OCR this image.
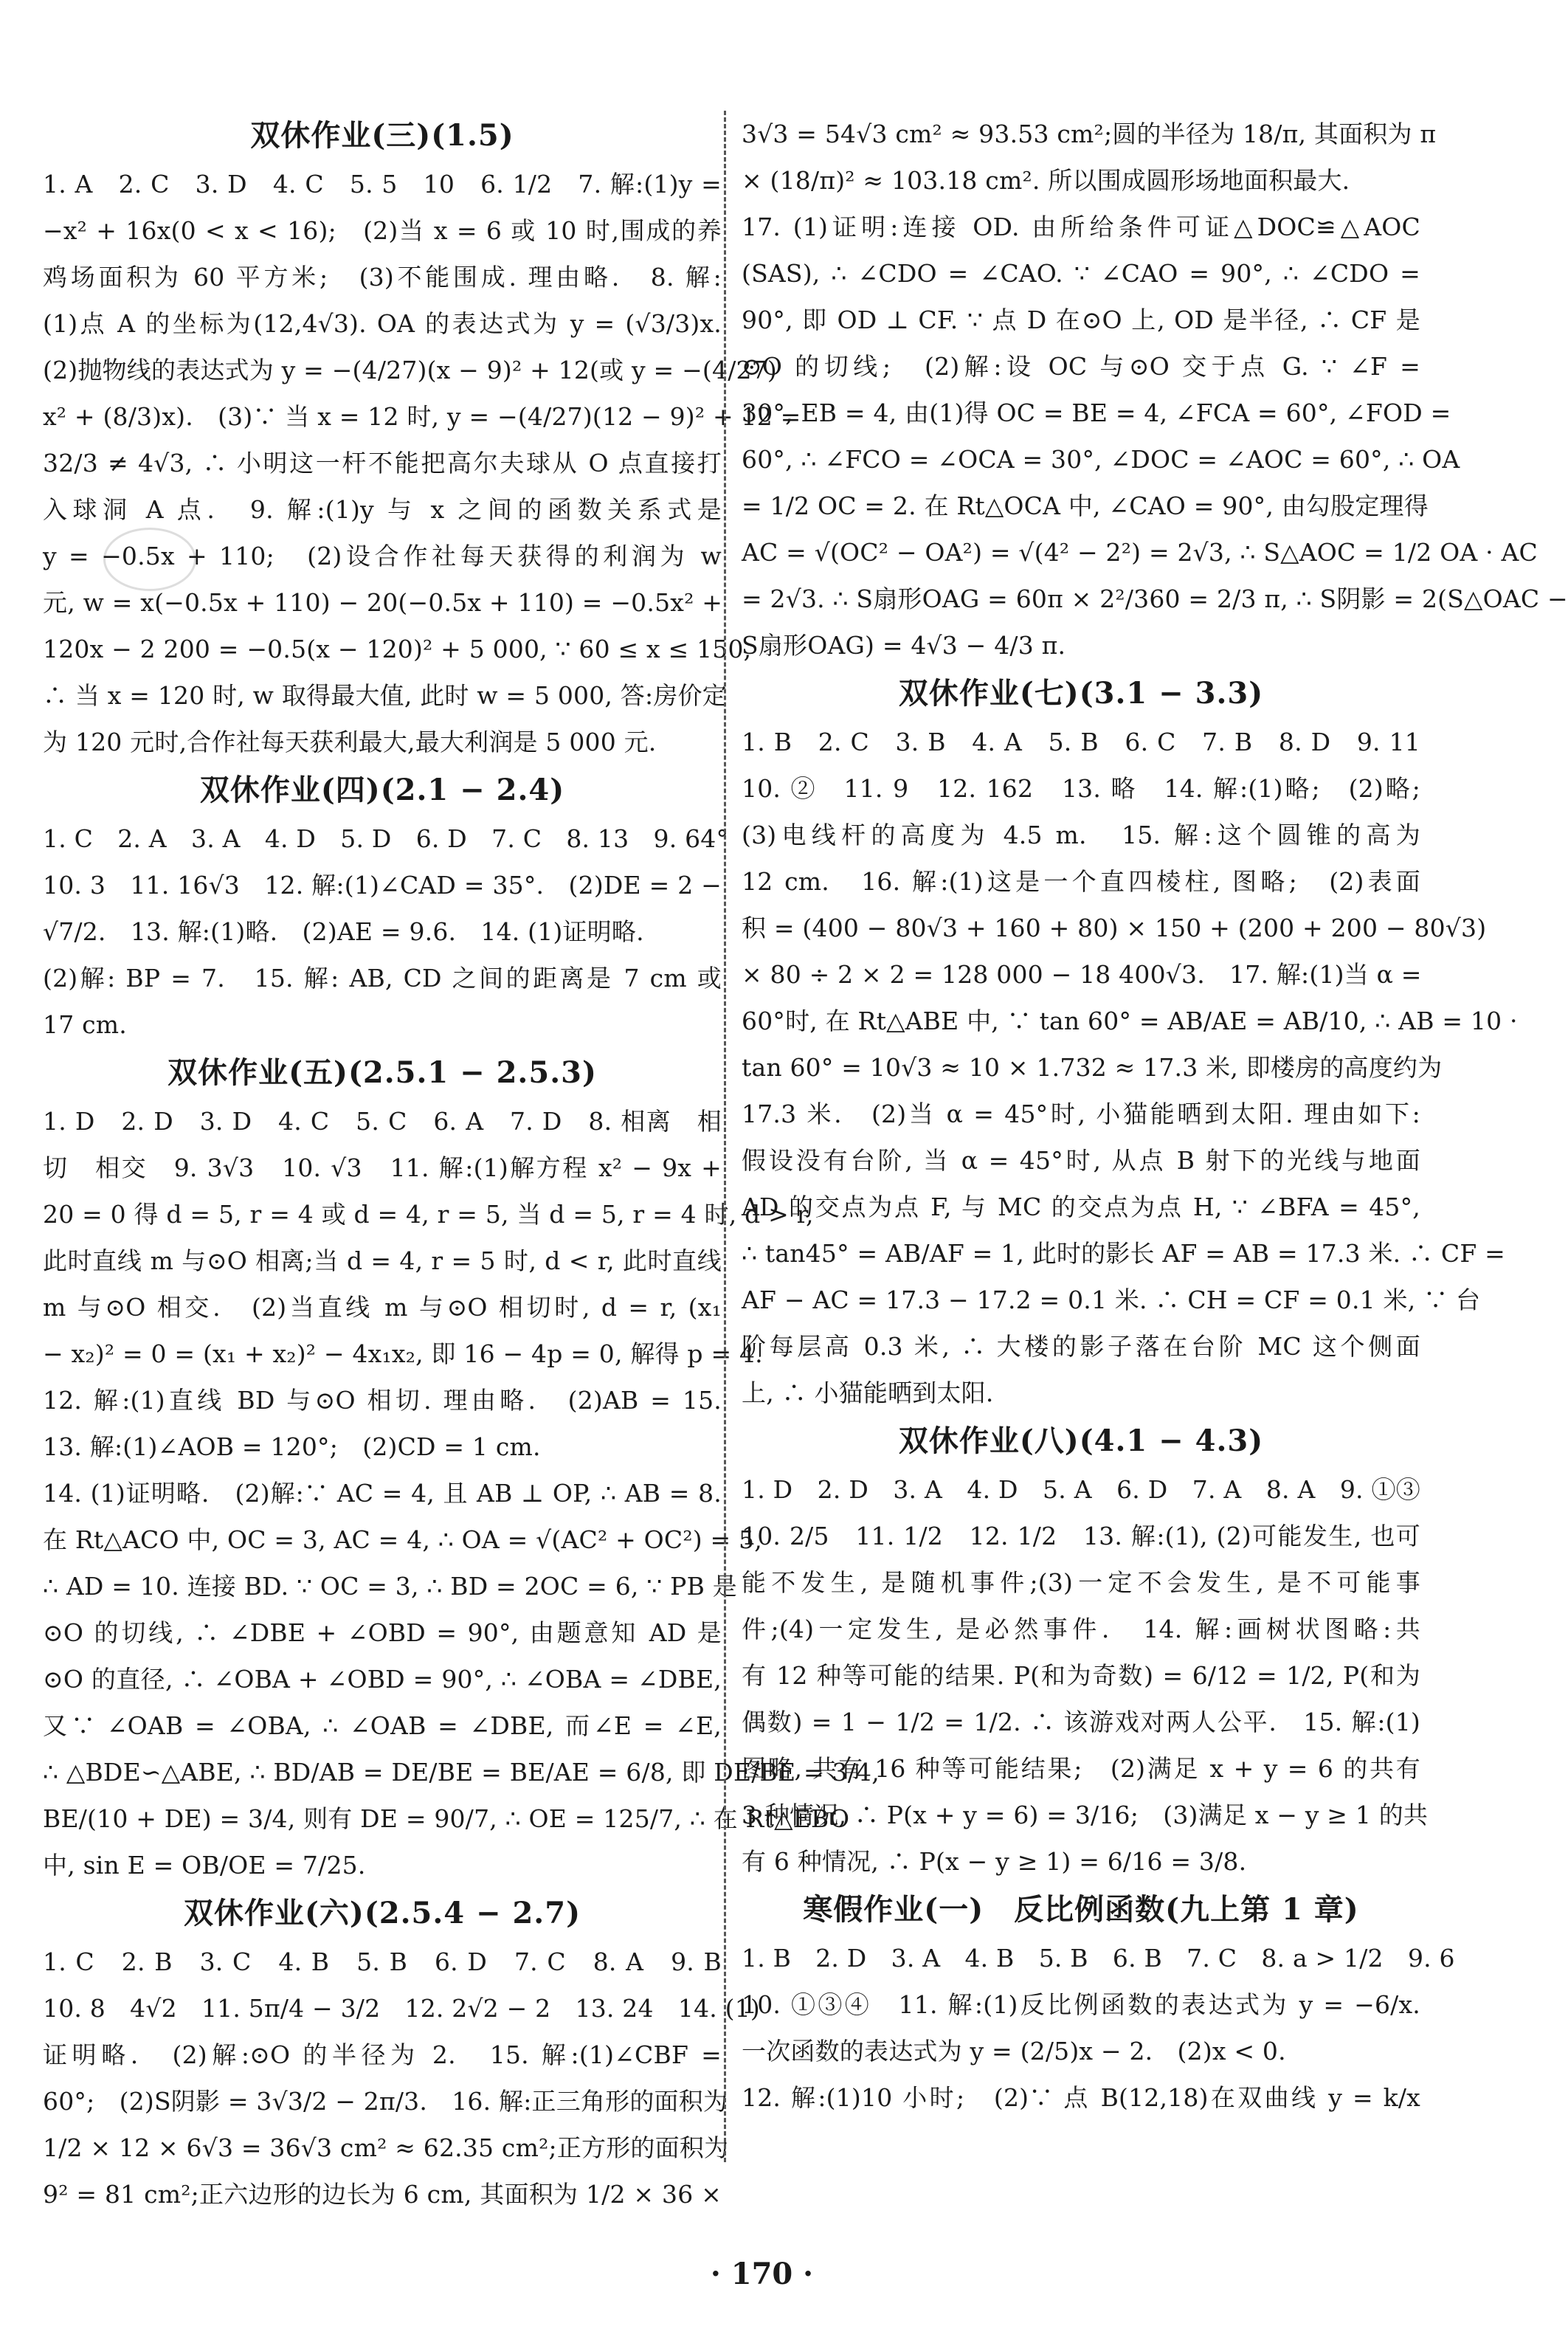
双休作业(三)(1.5)
1. A　2. C　3. D　4. C　5. 5　10　6. 1/2　7. 解:(1)y =
−x² + 16x(0 < x < 16);　(2)当 x = 6 或 10 时,围成的养
鸡场面积为 60 平方米;　(3)不能围成. 理由略.　8. 解:
(1)点 A 的坐标为(12,4√3). OA 的表达式为 y = (√3/3)x.
(2)抛物线的表达式为 y = −(4/27)(x − 9)² + 12(或 y = −(4/27)
x² + (8/3)x).　(3)∵ 当 x = 12 时, y = −(4/27)(12 − 9)² + 12 =
32/3 ≠ 4√3, ∴ 小明这一杆不能把高尔夫球从 O 点直接打
入球洞 A 点.　9. 解:(1)y 与 x 之间的函数关系式是
y = −0.5x + 110;　(2)设合作社每天获得的利润为 w
元, w = x(−0.5x + 110) − 20(−0.5x + 110) = −0.5x² +
120x − 2 200 = −0.5(x − 120)² + 5 000, ∵ 60 ≤ x ≤ 150,
∴ 当 x = 120 时, w 取得最大值, 此时 w = 5 000, 答:房价定
为 120 元时,合作社每天获利最大,最大利润是 5 000 元.
双休作业(四)(2.1 − 2.4)
1. C　2. A　3. A　4. D　5. D　6. D　7. C　8. 13　9. 64°
10. 3　11. 16√3　12. 解:(1)∠CAD = 35°.　(2)DE = 2 −
√7/2.　13. 解:(1)略.　(2)AE = 9.6.　14. (1)证明略.
(2)解: BP = 7.　15. 解: AB, CD 之间的距离是 7 cm 或
17 cm.
双休作业(五)(2.5.1 − 2.5.3)
1. D　2. D　3. D　4. C　5. C　6. A　7. D　8. 相离　相
切　相交　9. 3√3　10. √3　11. 解:(1)解方程 x² − 9x +
20 = 0 得 d = 5, r = 4 或 d = 4, r = 5, 当 d = 5, r = 4 时, d > r,
此时直线 m 与⊙O 相离;当 d = 4, r = 5 时, d < r, 此时直线
m 与⊙O 相交.　(2)当直线 m 与⊙O 相切时, d = r, (x₁
− x₂)² = 0 = (x₁ + x₂)² − 4x₁x₂, 即 16 − 4p = 0, 解得 p = 4.
12. 解:(1)直线 BD 与⊙O 相切. 理由略.　(2)AB = 15.
13. 解:(1)∠AOB = 120°;　(2)CD = 1 cm.
14. (1)证明略.　(2)解:∵ AC = 4, 且 AB ⊥ OP, ∴ AB = 8.
在 Rt△ACO 中, OC = 3, AC = 4, ∴ OA = √(AC² + OC²) = 5,
∴ AD = 10. 连接 BD. ∵ OC = 3, ∴ BD = 2OC = 6, ∵ PB 是
⊙O 的切线, ∴ ∠DBE + ∠OBD = 90°, 由题意知 AD 是
⊙O 的直径, ∴ ∠OBA + ∠OBD = 90°, ∴ ∠OBA = ∠DBE,
又∵ ∠OAB = ∠OBA, ∴ ∠OAB = ∠DBE, 而∠E = ∠E,
∴ △BDE∽△ABE, ∴ BD/AB = DE/BE = BE/AE = 6/8, 即 DE/BE = 3/4,
BE/(10 + DE) = 3/4, 则有 DE = 90/7, ∴ OE = 125/7, ∴ 在 Rt△EBO
中, sin E = OB/OE = 7/25.
双休作业(六)(2.5.4 − 2.7)
1. C　2. B　3. C　4. B　5. B　6. D　7. C　8. A　9. B
10. 8　4√2　11. 5π/4 − 3/2　12. 2√2 − 2　13. 24　14. (1)
证明略.　(2)解:⊙O 的半径为 2.　15. 解:(1)∠CBF =
60°;　(2)S阴影 = 3√3/2 − 2π/3.　16. 解:正三角形的面积为
1/2 × 12 × 6√3 = 36√3 cm² ≈ 62.35 cm²;正方形的面积为
9² = 81 cm²;正六边形的边长为 6 cm, 其面积为 1/2 × 36 ×
3√3 = 54√3 cm² ≈ 93.53 cm²;圆的半径为 18/π, 其面积为 π
× (18/π)² ≈ 103.18 cm². 所以围成圆形场地面积最大.
17. (1)证明:连接 OD. 由所给条件可证△DOC≌△AOC
(SAS), ∴ ∠CDO = ∠CAO. ∵ ∠CAO = 90°, ∴ ∠CDO =
90°, 即 OD ⊥ CF. ∵ 点 D 在⊙O 上, OD 是半径, ∴ CF 是
⊙O 的切线;　(2)解:设 OC 与⊙O 交于点 G. ∵ ∠F =
30°, EB = 4, 由(1)得 OC = BE = 4, ∠FCA = 60°, ∠FOD =
60°, ∴ ∠FCO = ∠OCA = 30°, ∠DOC = ∠AOC = 60°, ∴ OA
= 1/2 OC = 2. 在 Rt△OCA 中, ∠CAO = 90°, 由勾股定理得
AC = √(OC² − OA²) = √(4² − 2²) = 2√3, ∴ S△AOC = 1/2 OA · AC
= 2√3. ∴ S扇形OAG = 60π × 2²/360 = 2/3 π, ∴ S阴影 = 2(S△OAC −
S扇形OAG) = 4√3 − 4/3 π.
双休作业(七)(3.1 − 3.3)
1. B　2. C　3. B　4. A　5. B　6. C　7. B　8. D　9. 11
10. ②　11. 9　12. 162　13. 略　14. 解:(1)略;　(2)略;
(3)电线杆的高度为 4.5 m.　15. 解:这个圆锥的高为
12 cm.　16. 解:(1)这是一个直四棱柱, 图略;　(2)表面
积 = (400 − 80√3 + 160 + 80) × 150 + (200 + 200 − 80√3)
× 80 ÷ 2 × 2 = 128 000 − 18 400√3.　17. 解:(1)当 α =
60°时, 在 Rt△ABE 中, ∵ tan 60° = AB/AE = AB/10, ∴ AB = 10 ·
tan 60° = 10√3 ≈ 10 × 1.732 ≈ 17.3 米, 即楼房的高度约为
17.3 米.　(2)当 α = 45°时, 小猫能晒到太阳. 理由如下:
假设没有台阶, 当 α = 45°时, 从点 B 射下的光线与地面
AD 的交点为点 F, 与 MC 的交点为点 H, ∵ ∠BFA = 45°,
∴ tan45° = AB/AF = 1, 此时的影长 AF = AB = 17.3 米. ∴ CF =
AF − AC = 17.3 − 17.2 = 0.1 米. ∴ CH = CF = 0.1 米, ∵ 台
阶每层高 0.3 米, ∴ 大楼的影子落在台阶 MC 这个侧面
上, ∴ 小猫能晒到太阳.
双休作业(八)(4.1 − 4.3)
1. D　2. D　3. A　4. D　5. A　6. D　7. A　8. A　9. ①③
10. 2/5　11. 1/2　12. 1/2　13. 解:(1), (2)可能发生, 也可
能不发生, 是随机事件;(3)一定不会发生, 是不可能事
件;(4)一定发生, 是必然事件.　14. 解:画树状图略:共
有 12 种等可能的结果. P(和为奇数) = 6/12 = 1/2, P(和为
偶数) = 1 − 1/2 = 1/2. ∴ 该游戏对两人公平.　15. 解:(1)
图略, 共有 16 种等可能结果;　(2)满足 x + y = 6 的共有
3 种情况, ∴ P(x + y = 6) = 3/16;　(3)满足 x − y ≥ 1 的共
有 6 种情况, ∴ P(x − y ≥ 1) = 6/16 = 3/8.
寒假作业(一)　反比例函数(九上第 1 章)
1. B　2. D　3. A　4. B　5. B　6. B　7. C　8. a > 1/2　9. 6
10. ①③④　11. 解:(1)反比例函数的表达式为 y = −6/x.
一次函数的表达式为 y = (2/5)x − 2.　(2)x < 0.
12. 解:(1)10 小时;　(2)∵ 点 B(12,18)在双曲线 y = k/x
· 170 ·
